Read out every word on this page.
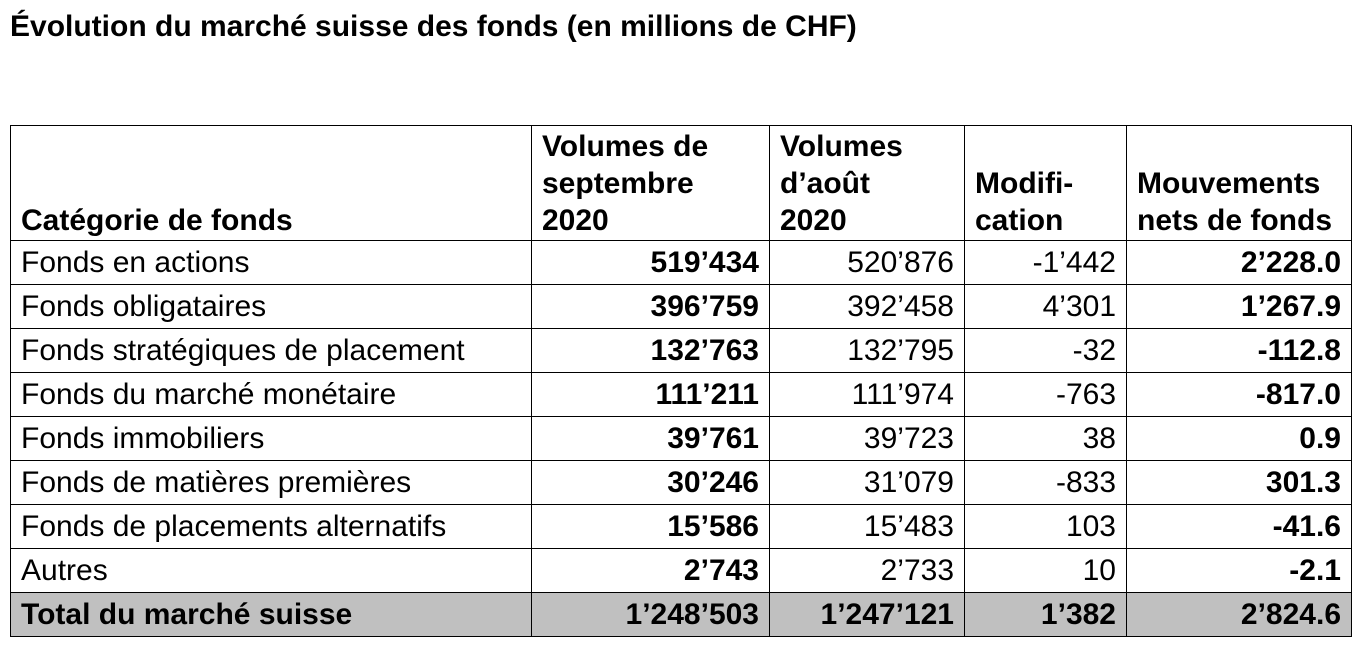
Évolution du marché suisse des fonds (en millions de CHF)
Catégorie de fonds	Volumes de septembre 2020	Volumes d’août 2020	Modifi-cation	Mouvements nets de fonds

Fonds en actions	519’434	520’876	-1’442	2’228.0
Fonds obligataires	396’759	392’458	4’301	1’267.9
Fonds stratégiques de placement	132’763	132’795	-32	-112.8
Fonds du marché monétaire	111’211	111’974	-763	-817.0
Fonds immobiliers	39’761	39’723	38	0.9
Fonds de matières premières	30’246	31’079	-833	301.3
Fonds de placements alternatifs	15’586	15’483	103	-41.6
Autres	2’743	2’733	10	-2.1
Total du marché suisse	1’248’503	1’247’121	1’382	2’824.6
